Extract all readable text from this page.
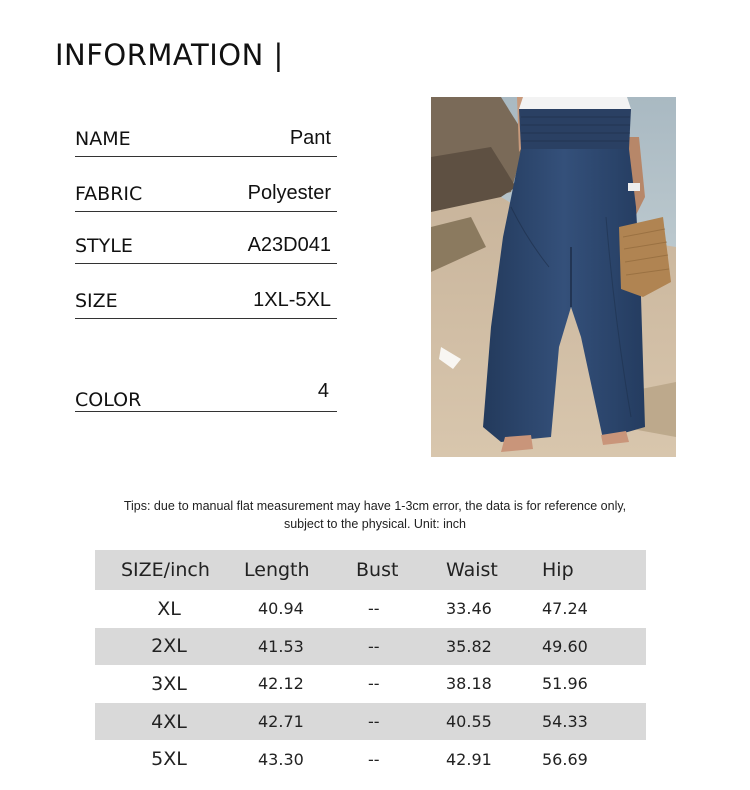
INFORMATION |
NAME	Pant
FABRIC	Polyester
STYLE	A23D041
SIZE	1XL-5XL
COLOR	4
Tips: due to manual flat measurement may have 1-3cm error, the data is for reference only,
subject to the physical. Unit: inch
SIZE/inch	Length	Bust	Waist	Hip
XL	40.94	--	33.46	47.24
2XL	41.53	--	35.82	49.60
3XL	42.12	--	38.18	51.96
4XL	42.71	--	40.55	54.33
5XL	43.30	--	42.91	56.69
